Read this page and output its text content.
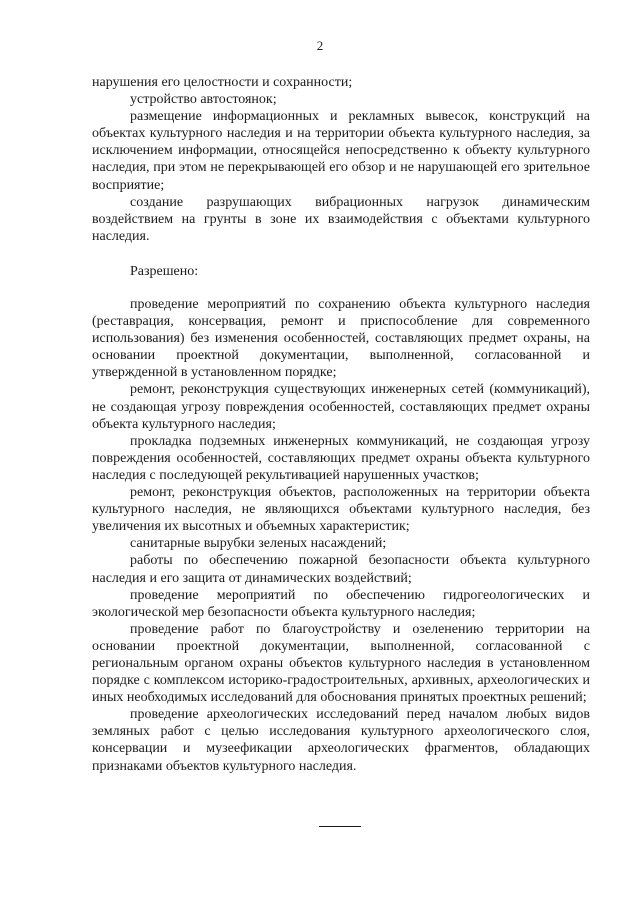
2

нарушения его целостности и сохранности;

устройство автостоянок;

размещение информационных и рекламных вывесок, конструкций на объектах культурного наследия и на территории объекта культурного наследия, за исключением информации, относящейся непосредственно к объекту культурного наследия, при этом не перекрывающей его обзор и не нарушающей его зрительное восприятие;

создание разрушающих вибрационных нагрузок динамическим воздействием на грунты в зоне их взаимодействия с объектами культурного наследия.

Разрешено:

проведение мероприятий по сохранению объекта культурного наследия (реставрация, консервация, ремонт и приспособление для современного использования) без изменения особенностей, составляющих предмет охраны, на основании проектной документации, выполненной, согласованной и утвержденной в установленном порядке;

ремонт, реконструкция существующих инженерных сетей (коммуникаций), не создающая угрозу повреждения особенностей, составляющих предмет охраны объекта культурного наследия;

прокладка подземных инженерных коммуникаций, не создающая угрозу повреждения особенностей, составляющих предмет охраны объекта культурного наследия с последующей рекультивацией нарушенных участков;

ремонт, реконструкция объектов, расположенных на территории объекта культурного наследия, не являющихся объектами культурного наследия, без увеличения их высотных и объемных характеристик;

санитарные вырубки зеленых насаждений;

работы по обеспечению пожарной безопасности объекта культурного наследия и его защита от динамических воздействий;

проведение мероприятий по обеспечению гидрогеологических и экологической мер безопасности объекта культурного наследия;

проведение работ по благоустройству и озеленению территории на основании проектной документации, выполненной, согласованной с региональным органом охраны объектов культурного наследия в установленном порядке с комплексом историко-градостроительных, архивных, археологических и иных необходимых исследований для обоснования принятых проектных решений;

проведение археологических исследований перед началом любых видов земляных работ с целью исследования культурного археологического слоя, консервации и музеефикации археологических фрагментов, обладающих признаками объектов культурного наследия.
